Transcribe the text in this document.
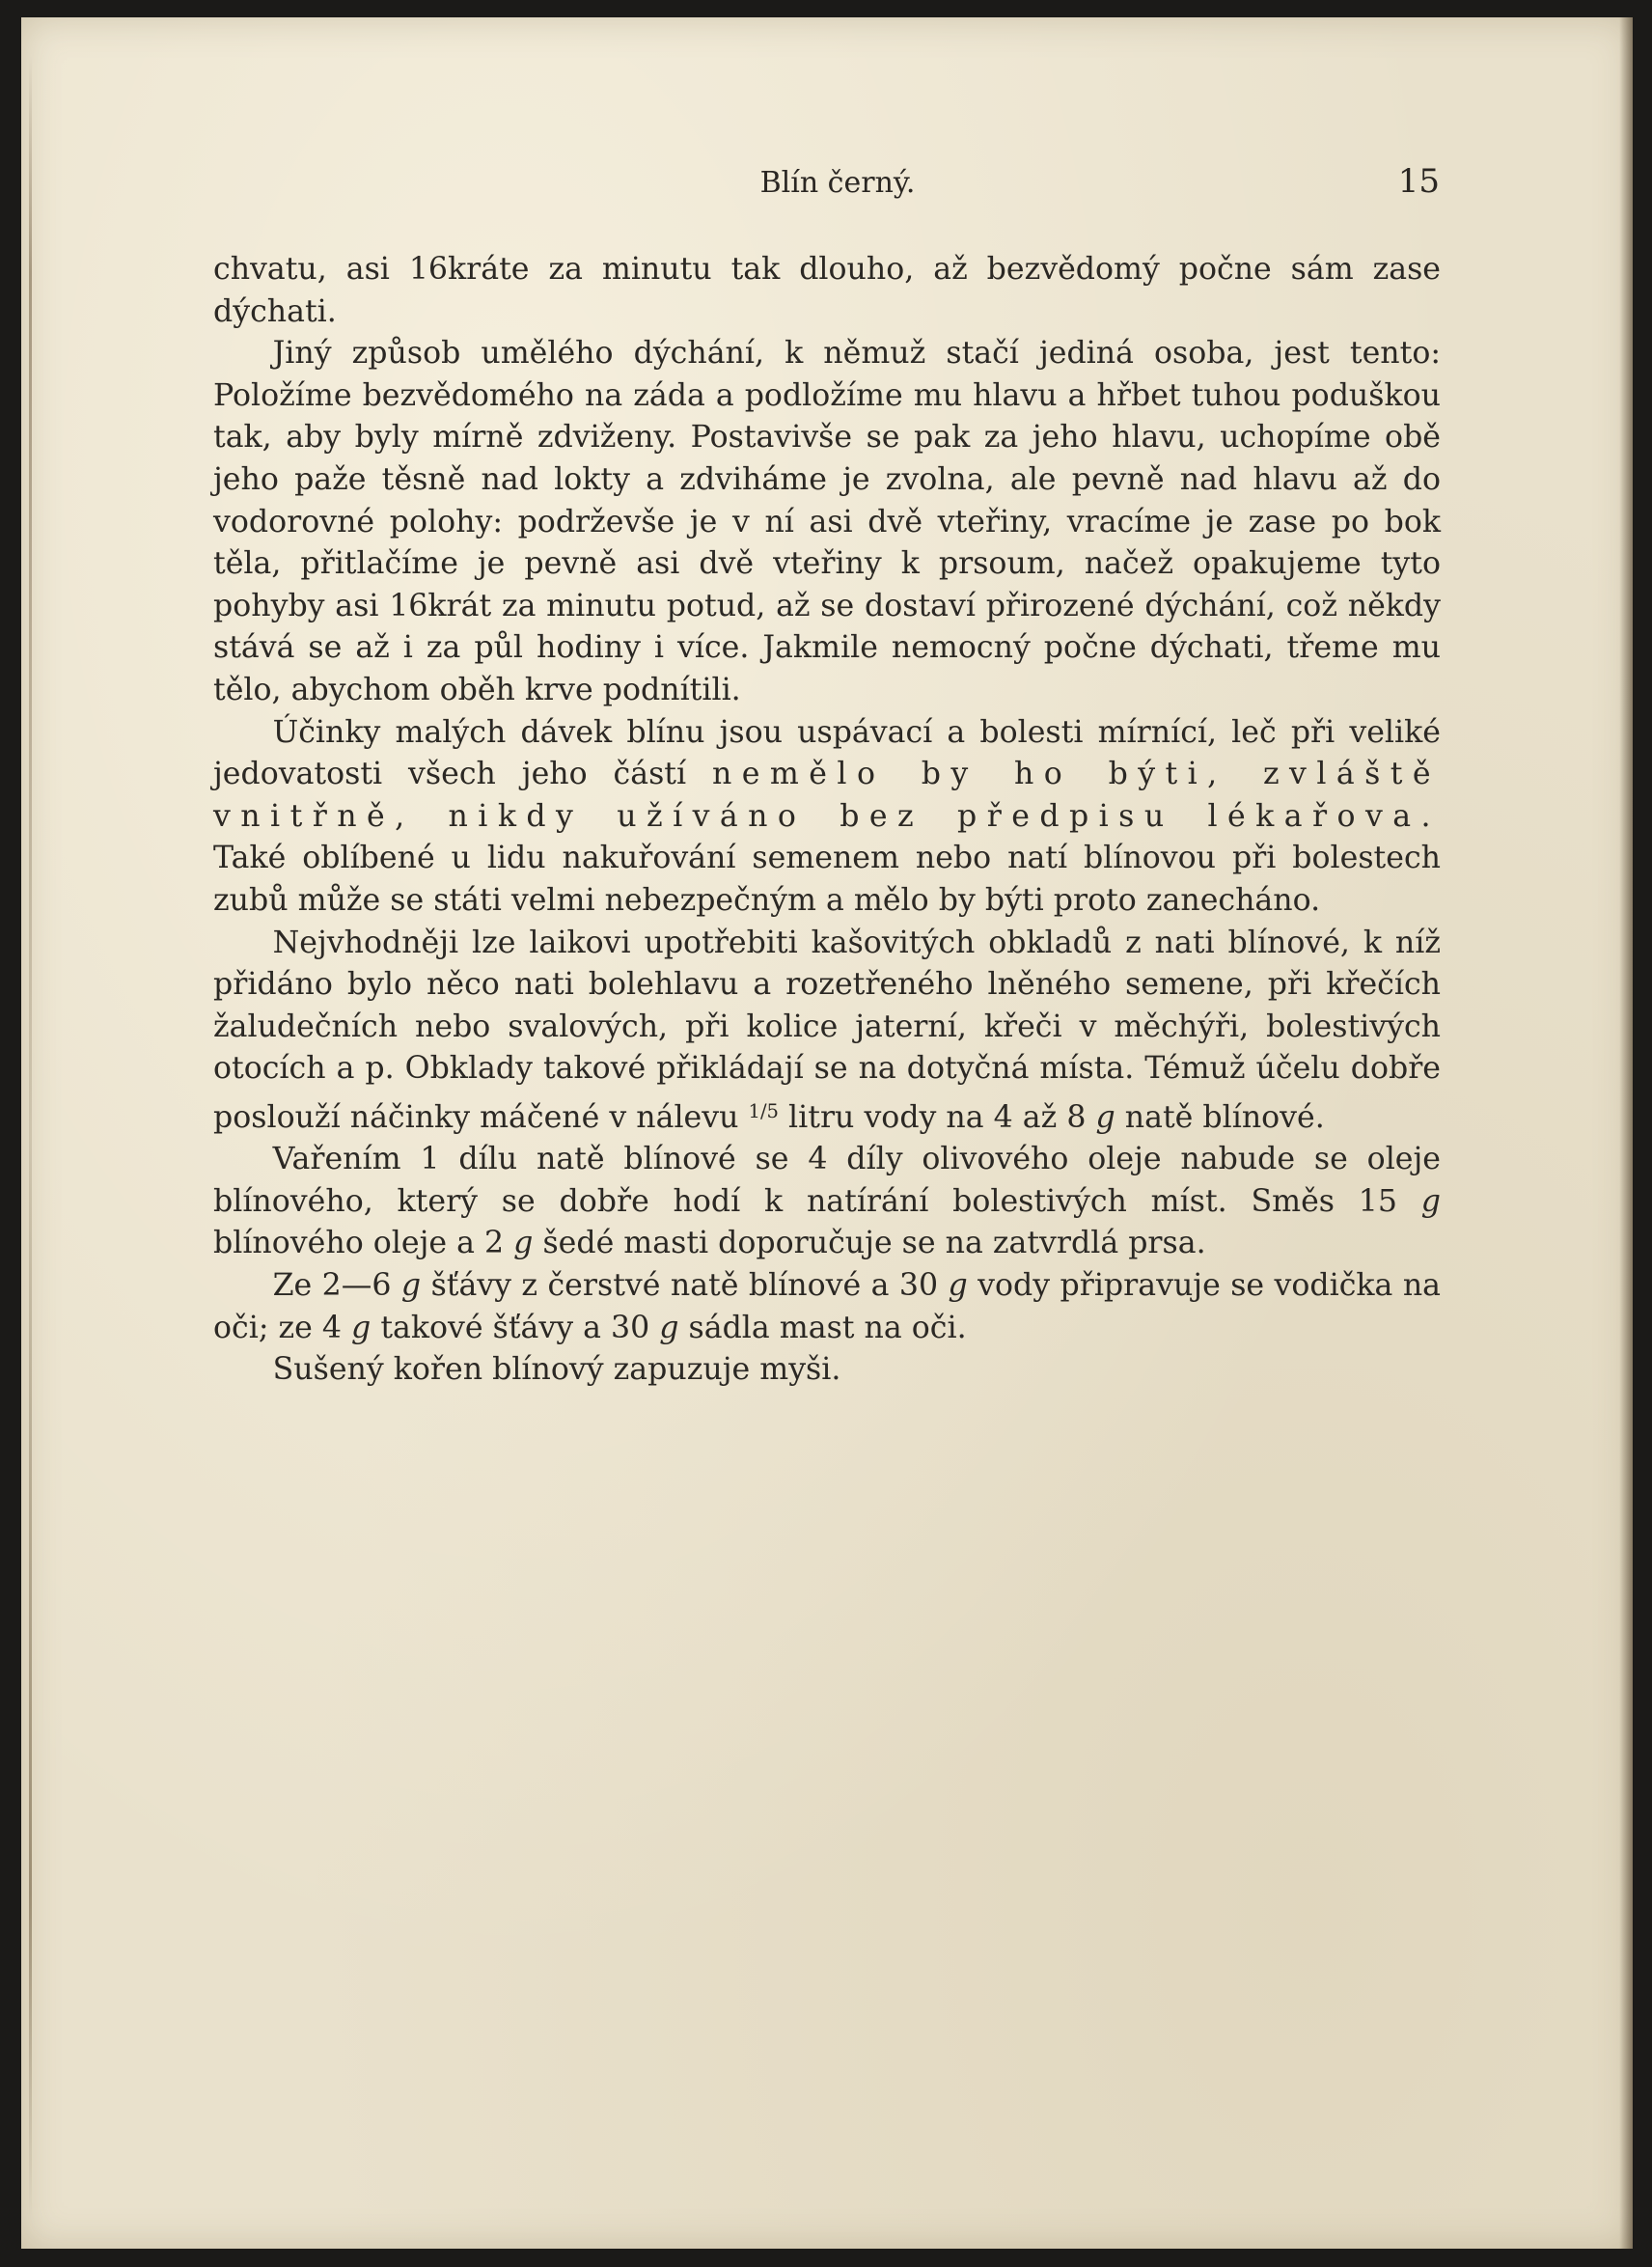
Blín černý.	15

chvatu, asi 16kráte za minutu tak dlouho, až bezvědomý počne sám zase dýchati.

Jiný způsob umělého dýchání, k němuž stačí jediná osoba, jest tento: Položíme bezvědomého na záda a podložíme mu hlavu a hřbet tuhou poduškou tak, aby byly mírně zdviženy. Postavivše se pak za jeho hlavu, uchopíme obě jeho paže těsně nad lokty a zdviháme je zvolna, ale pevně nad hlavu až do vodorovné polohy: podrževše je v ní asi dvě vteřiny, vracíme je zase po bok těla, přitlačíme je pevně asi dvě vteřiny k prsoum, načež opakujeme tyto pohyby asi 16krát za minutu potud, až se dostaví přirozené dýchání, což někdy stává se až i za půl hodiny i více. Jakmile nemocný počne dýchati, třeme mu tělo, abychom oběh krve podnítili.

Účinky malých dávek blínu jsou uspávací a bolesti mírnící, leč při veliké jedovatosti všech jeho částí nemělo by ho býti, zvláště vnitřně, nikdy užíváno bez předpisu lékařova. Také oblíbené u lidu nakuřování semenem nebo natí blínovou při bolestech zubů může se státi velmi nebezpečným a mělo by býti proto zanecháno.

Nejvhodněji lze laikovi upotřebiti kašovitých obkladů z nati blínové, k níž přidáno bylo něco nati bolehlavu a rozetřeného lněného semene, při křečích žaludečních nebo svalových, při kolice jaterní, křeči v měchýři, bolestivých otocích a p. Obklady takové přikládají se na dotyčná místa. Témuž účelu dobře poslouží náčinky máčené v nálevu $^{1/5}$ litru vody na 4 až 8 g natě blínové.

Vařením 1 dílu natě blínové se 4 díly olivového oleje nabude se oleje blínového, který se dobře hodí k natírání bolestivých míst. Směs 15 g blínového oleje a 2 g šedé masti doporučuje se na zatvrdlá prsa.

Ze 2—6 g šťávy z čerstvé natě blínové a 30 g vody připravuje se vodička na oči; ze 4 g takové šťávy a 30 g sádla mast na oči.

Sušený kořen blínový zapuzuje myši.
